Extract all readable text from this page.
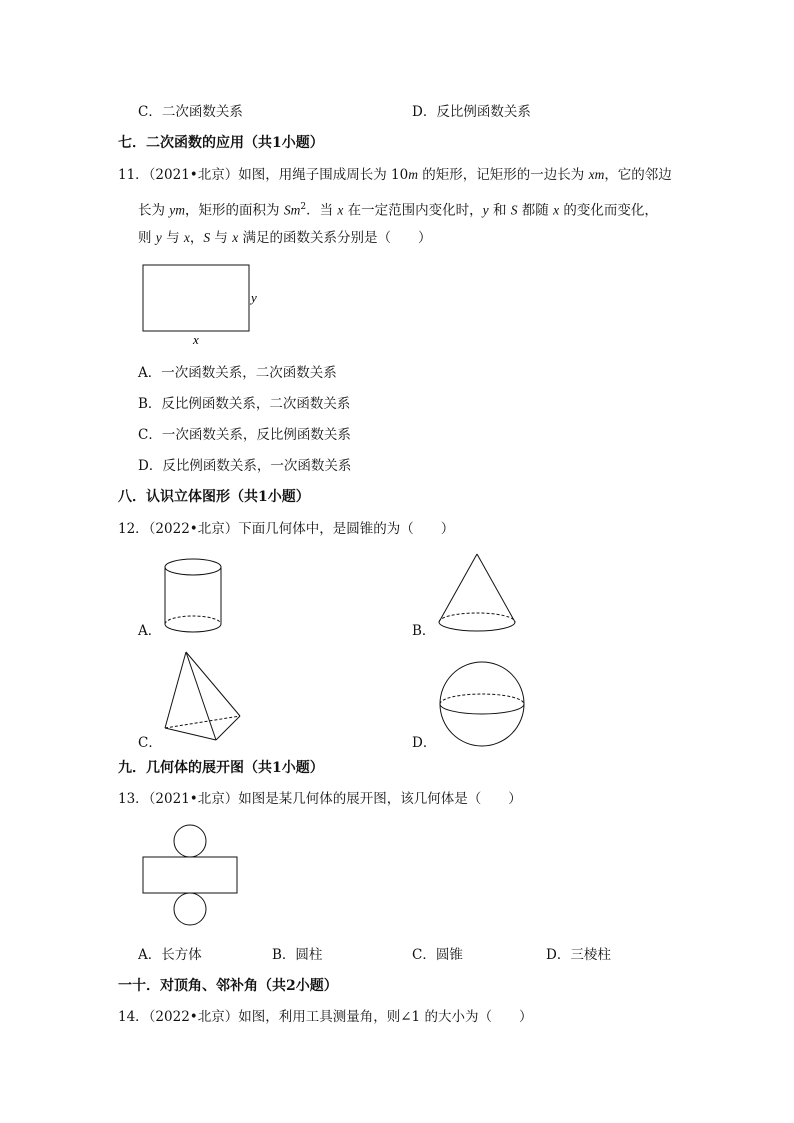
C．二次函数关系	D．反比例函数关系
七．二次函数的应用（共1小题）
11．（2021•北京）如图，用绳子围成周长为 10m 的矩形，记矩形的一边长为 xm，它的邻边
长为 ym，矩形的面积为 Sm$^2$．当 x 在一定范围内变化时，y 和 S 都随 x 的变化而变化，
则 y 与 x，S 与 x 满足的函数关系分别是（　　）
y
x
A．一次函数关系，二次函数关系
B．反比例函数关系，二次函数关系
C．一次函数关系，反比例函数关系
D．反比例函数关系，一次函数关系
八．认识立体图形（共1小题）
12．（2022•北京）下面几何体中，是圆锥的为（　　）
A．	B．
C．	D．
九．几何体的展开图（共1小题）
13．（2021•北京）如图是某几何体的展开图，该几何体是（　　）
A．长方体	B．圆柱	C．圆锥	D．三棱柱
一十．对顶角、邻补角（共2小题）
14．（2022•北京）如图，利用工具测量角，则∠1 的大小为（　　）
